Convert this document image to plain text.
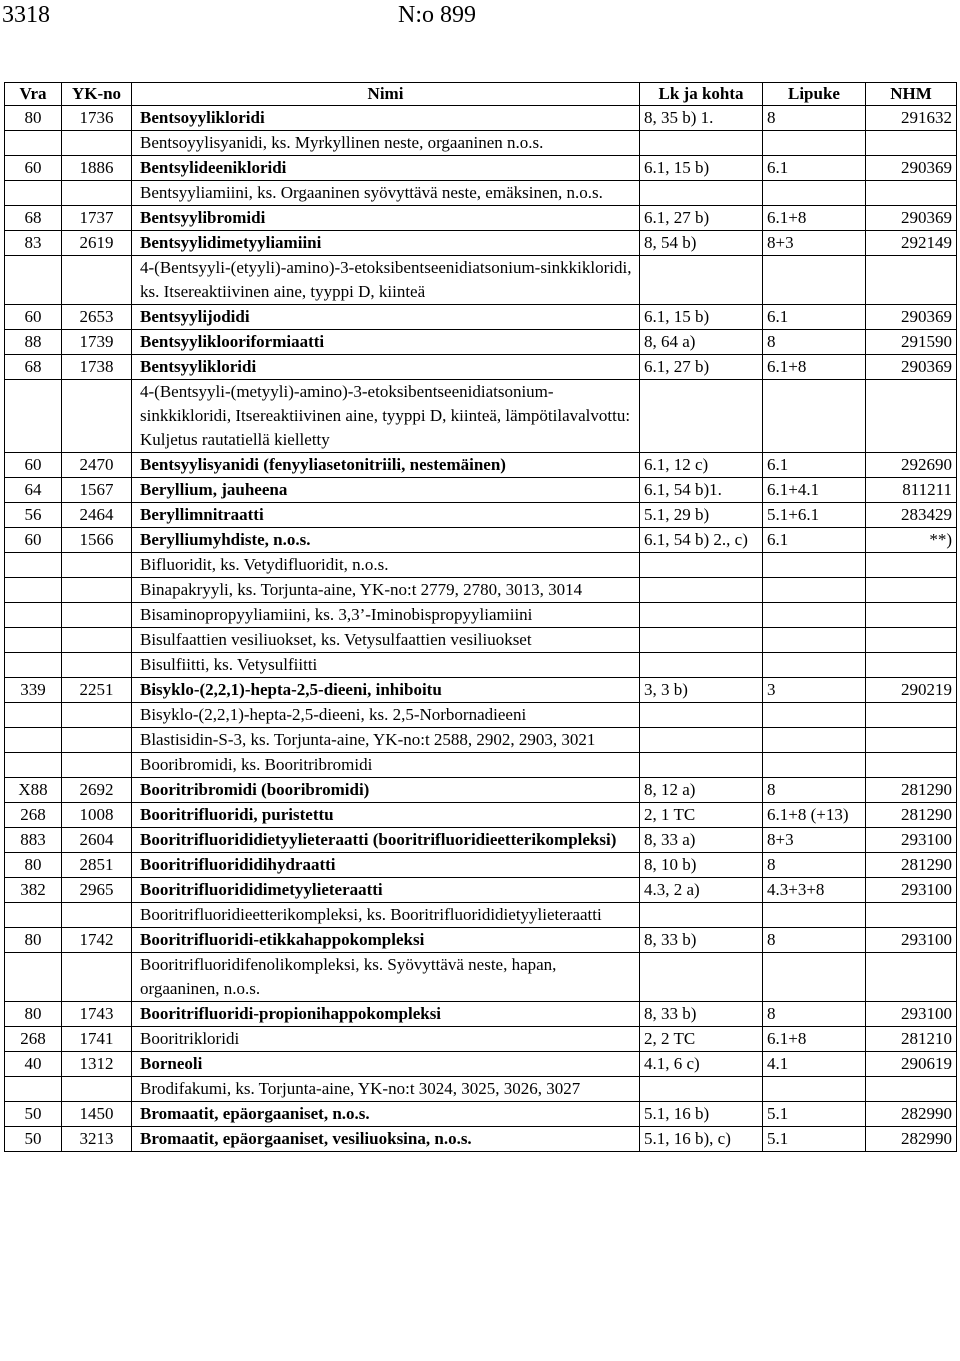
3318	N:o 899
Vra	YK-no	Nimi	Lk ja kohta	Lipuke	NHM
80	1736	Bentsoyylikloridi	8, 35 b) 1.	8	291632
		Bentsoyylisyanidi, ks. Myrkyllinen neste, orgaaninen n.o.s.			
60	1886	Bentsylideenikloridi	6.1, 15 b)	6.1	290369
		Bentsyyliamiini, ks. Orgaaninen syövyttävä neste, emäksinen, n.o.s.			
68	1737	Bentsyylibromidi	6.1, 27 b)	6.1+8	290369
83	2619	Bentsyylidimetyyliamiini	8, 54 b)	8+3	292149
		4-(Bentsyyli-(etyyli)-amino)-3-etoksibentseenidiatsonium-sinkkikloridi, ks. Itsereaktiivinen aine, tyyppi D, kiinteä			
60	2653	Bentsyylijodidi	6.1, 15 b)	6.1	290369
88	1739	Bentsyyliklooriformiaatti	8, 64 a)	8	291590
68	1738	Bentsyylikloridi	6.1, 27 b)	6.1+8	290369
		4-(Bentsyyli-(metyyli)-amino)-3-etoksibentseenidiatsonium-sinkkikloridi, Itsereaktiivinen aine, tyyppi D, kiinteä, lämpötilavalvottu: Kuljetus rautatiellä kielletty			
60	2470	Bentsyylisyanidi (fenyyliasetonitriili, nestemäinen)	6.1, 12 c)	6.1	292690
64	1567	Beryllium, jauheena	6.1, 54 b)1.	6.1+4.1	811211
56	2464	Beryllimnitraatti	5.1, 29 b)	5.1+6.1	283429
60	1566	Berylliumyhdiste, n.o.s.	6.1, 54 b) 2., c)	6.1	**)
		Bifluoridit, ks. Vetydifluoridit, n.o.s.			
		Binapakryyli, ks. Torjunta-aine, YK-no:t 2779, 2780, 3013, 3014			
		Bisaminopropyyliamiini, ks. 3,3’-Iminobispropyyliamiini			
		Bisulfaattien vesiliuokset, ks. Vetysulfaattien vesiliuokset			
		Bisulfiitti, ks. Vetysulfiitti			
339	2251	Bisyklo-(2,2,1)-hepta-2,5-dieeni, inhiboitu	3, 3 b)	3	290219
		Bisyklo-(2,2,1)-hepta-2,5-dieeni, ks. 2,5-Norbornadieeni			
		Blastisidin-S-3, ks. Torjunta-aine, YK-no:t 2588, 2902, 2903, 3021			
		Booribromidi, ks. Booritribromidi			
X88	2692	Booritribromidi (booribromidi)	8, 12 a)	8	281290
268	1008	Booritrifluoridi, puristettu	2, 1 TC	6.1+8 (+13)	281290
883	2604	Booritrifluorididietyylieteraatti (booritrifluoridieetterikompleksi)	8, 33 a)	8+3	293100
80	2851	Booritrifluorididihydraatti	8, 10 b)	8	281290
382	2965	Booritrifluorididimetyylieteraatti	4.3, 2 a)	4.3+3+8	293100
		Booritrifluoridieetterikompleksi, ks. Booritrifluorididietyylieteraatti			
80	1742	Booritrifluoridi-etikkahappokompleksi	8, 33 b)	8	293100
		Booritrifluoridifenolikompleksi, ks. Syövyttävä neste, hapan, orgaaninen, n.o.s.			
80	1743	Booritrifluoridi-propionihappokompleksi	8, 33 b)	8	293100
268	1741	Booritrikloridi	2, 2 TC	6.1+8	281210
40	1312	Borneoli	4.1, 6 c)	4.1	290619
		Brodifakumi, ks. Torjunta-aine, YK-no:t 3024, 3025, 3026, 3027			
50	1450	Bromaatit, epäorgaaniset, n.o.s.	5.1, 16 b)	5.1	282990
50	3213	Bromaatit, epäorgaaniset, vesiliuoksina, n.o.s.	5.1, 16 b), c)	5.1	282990
